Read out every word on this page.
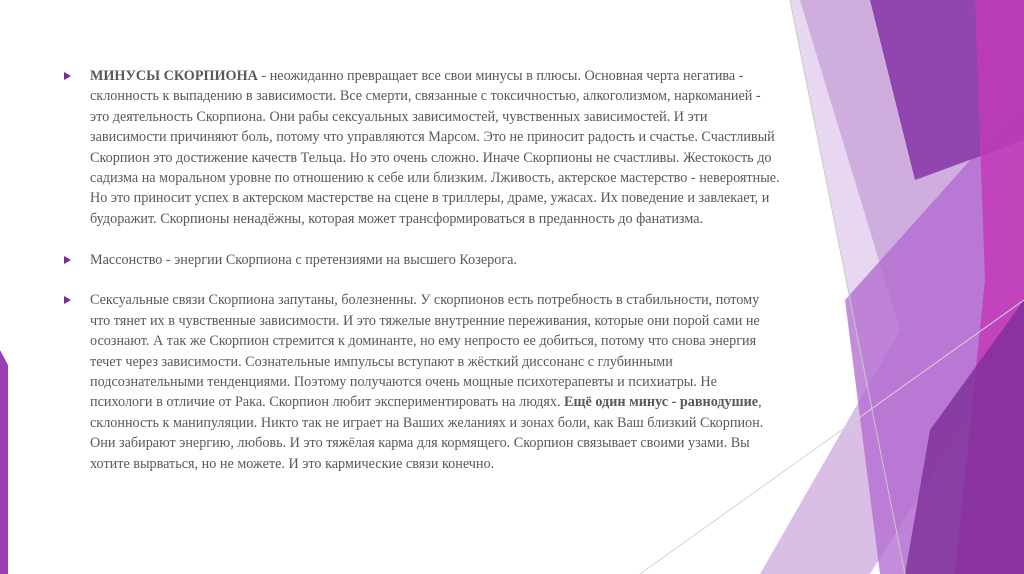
МИНУСЫ СКОРПИОНА - неожиданно превращает все свои минусы в плюсы. Основная черта негатива - склонность к выпадению в зависимости. Все смерти, связанные с токсичностью, алкоголизмом, наркоманией - это деятельность Скорпиона. Они рабы сексуальных зависимостей, чувственных зависимостей. И эти зависимости причиняют боль, потому что управляются Марсом. Это не приносит радость и счастье. Счастливый Скорпион это достижение качеств Тельца. Но это очень сложно. Иначе Скорпионы не счастливы. Жестокость до садизма на моральном уровне по отношению к себе или близким. Лживость, актерское мастерство - невероятные. Но это приносит успех в актерском мастерстве на сцене в триллеры, драме, ужасах. Их поведение и завлекает, и будоражит. Скорпионы ненадёжны, которая может трансформироваться в преданность до фанатизма.

Массонство - энергии Скорпиона с претензиями на высшего Козерога.

Сексуальные связи Скорпиона запутаны, болезненны. У скорпионов есть потребность в стабильности, потому что тянет их в чувственные зависимости. И это тяжелые внутренние переживания, которые они порой сами не осознают. А так же Скорпион стремится к доминанте, но ему непросто ее добиться, потому что снова энергия течет через зависимости. Сознательные импульсы вступают в жёсткий диссонанс с глубинными подсознательными тенденциями. Поэтому получаются очень мощные психотерапевты и психиатры. Не психологи в отличие от Рака. Скорпион любит экспериментировать на людях. Ещё один минус - равнодушие, склонность к манипуляции. Никто так не играет на Ваших желаниях и зонах боли, как Ваш близкий Скорпион. Они забирают энергию, любовь. И это тяжёлая карма для кормящего. Скорпион связывает своими узами. Вы хотите вырваться, но не можете. И это кармические связи конечно.
